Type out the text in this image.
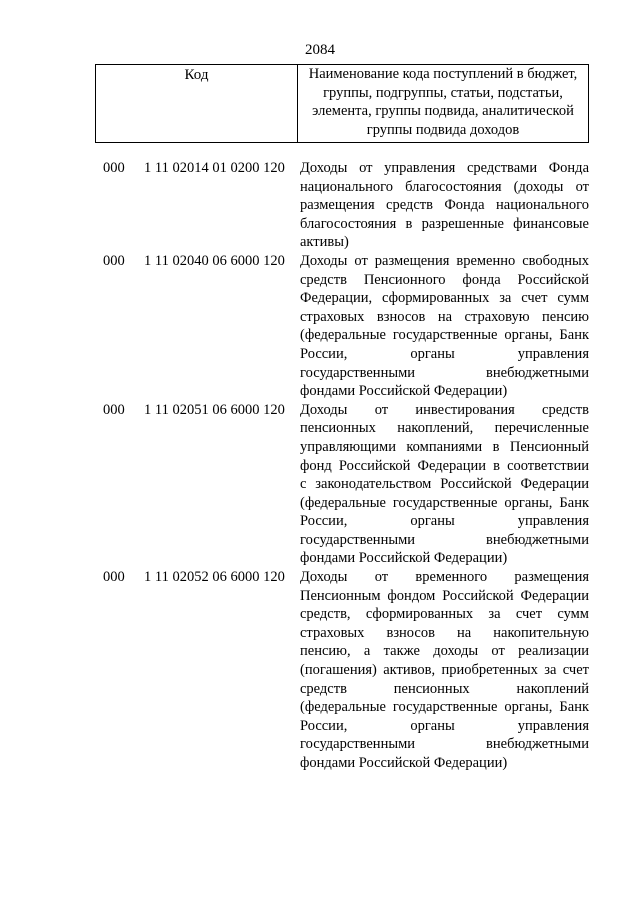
2084
Код	Наименование кода поступлений в бюджет,
группы, подгруппы, статьи, подстатьи,
элемента, группы подвида, аналитической
группы подвида доходов
000 1 11 02014 01 0200 120 Доходы от управления средствами Фонда
национального благосостояния (доходы от
размещения средств Фонда национального
благосостояния в разрешенные финансовые
активы)
000 1 11 02040 06 6000 120 Доходы от размещения временно свободных
средств Пенсионного фонда Российской
Федерации, сформированных за счет сумм
страховых взносов на страховую пенсию
(федеральные государственные органы, Банк
России, органы управления
государственными внебюджетными
фондами Российской Федерации)
000 1 11 02051 06 6000 120 Доходы от инвестирования средств
пенсионных накоплений, перечисленные
управляющими компаниями в Пенсионный
фонд Российской Федерации в соответствии
с законодательством Российской Федерации
(федеральные государственные органы, Банк
России, органы управления
государственными внебюджетными
фондами Российской Федерации)
000 1 11 02052 06 6000 120 Доходы от временного размещения
Пенсионным фондом Российской Федерации
средств, сформированных за счет сумм
страховых взносов на накопительную
пенсию, а также доходы от реализации
(погашения) активов, приобретенных за счет
средств пенсионных накоплений
(федеральные государственные органы, Банк
России, органы управления
государственными внебюджетными
фондами Российской Федерации)
